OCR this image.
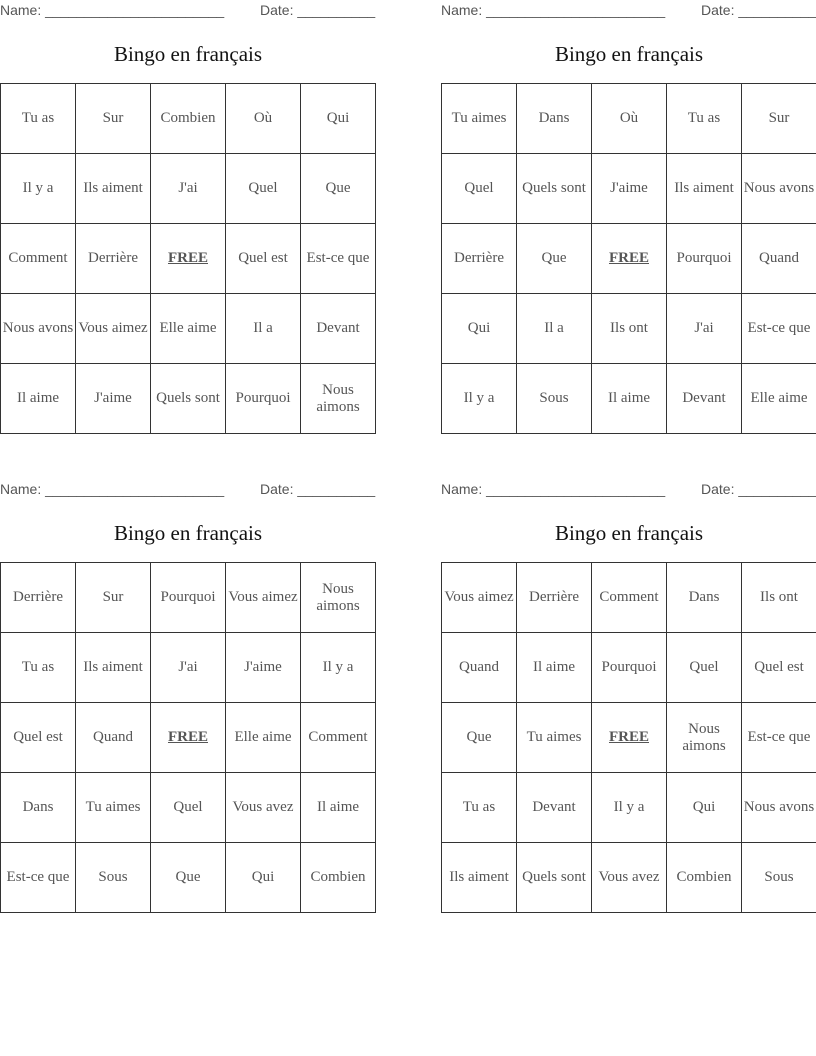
Name: _______________________	Date: __________
Bingo en français
Tu as	Sur	Combien	Où	Qui
Il y a	Ils aiment	J'ai	Quel	Que
Comment	Derrière	FREE	Quel est	Est-ce que
Nous avons	Vous aimez	Elle aime	Il a	Devant
Il aime	J'aime	Quels sont	Pourquoi	Nous aimons
Name: _______________________	Date: __________
Bingo en français
Tu aimes	Dans	Où	Tu as	Sur
Quel	Quels sont	J'aime	Ils aiment	Nous avons
Derrière	Que	FREE	Pourquoi	Quand
Qui	Il a	Ils ont	J'ai	Est-ce que
Il y a	Sous	Il aime	Devant	Elle aime
Name: _______________________	Date: __________
Bingo en français
Derrière	Sur	Pourquoi	Vous aimez	Nous aimons
Tu as	Ils aiment	J'ai	J'aime	Il y a
Quel est	Quand	FREE	Elle aime	Comment
Dans	Tu aimes	Quel	Vous avez	Il aime
Est-ce que	Sous	Que	Qui	Combien
Name: _______________________	Date: __________
Bingo en français
Vous aimez	Derrière	Comment	Dans	Ils ont
Quand	Il aime	Pourquoi	Quel	Quel est
Que	Tu aimes	FREE	Nous aimons	Est-ce que
Tu as	Devant	Il y a	Qui	Nous avons
Ils aiment	Quels sont	Vous avez	Combien	Sous
